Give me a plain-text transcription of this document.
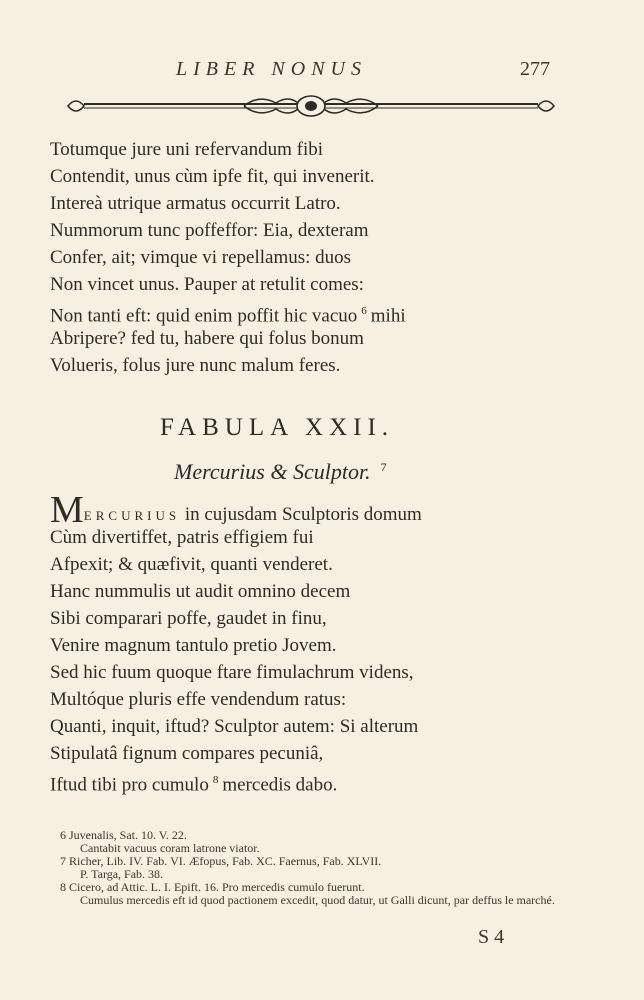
LIBER NONUS	277
Totumque jure uni refervandum fibi
Contendit, unus cùm ipfe fit, qui invenerit.
Intereà utrique armatus occurrit Latro.
Nummorum tunc poffeffor: Eia, dexteram
Confer, ait; vimque vi repellamus: duos
Non vincet unus. Pauper at retulit comes:
Non tanti eft: quid enim poffit hic vacuo $^6$ mihi
Abripere? fed tu, habere qui folus bonum
Volueris, folus jure nunc malum feres.
FABULA XXII.
Mercurius & Sculptor. $^7$
MERCURIUS in cujusdam Sculptoris domum
Cùm divertiffet, patris effigiem fui
Afpexit; & quæfivit, quanti venderet.
Hanc nummulis ut audit omnino decem
Sibi comparari poffe, gaudet in finu,
Venire magnum tantulo pretio Jovem.
Sed hic fuum quoque ftare fimulachrum videns,
Multóque pluris effe vendendum ratus:
Quanti, inquit, iftud? Sculptor autem: Si alterum
Stipulatâ fignum compares pecuniâ,
Iftud tibi pro cumulo $^8$ mercedis dabo.
6 Juvenalis, Sat. 10. V. 22.
Cantabit vacuus coram latrone viator.
7 Richer, Lib. IV. Fab. VI. Æfopus, Fab. XC. Faernus, Fab. XLVII.
P. Targa, Fab. 38.
8 Cicero, ad Attic. L. I. Epift. 16. Pro mercedis cumulo fuerunt.
Cumulus mercedis eft id quod pactionem excedit, quod datur, ut Galli dicunt, par deffus le marché.
S 4
